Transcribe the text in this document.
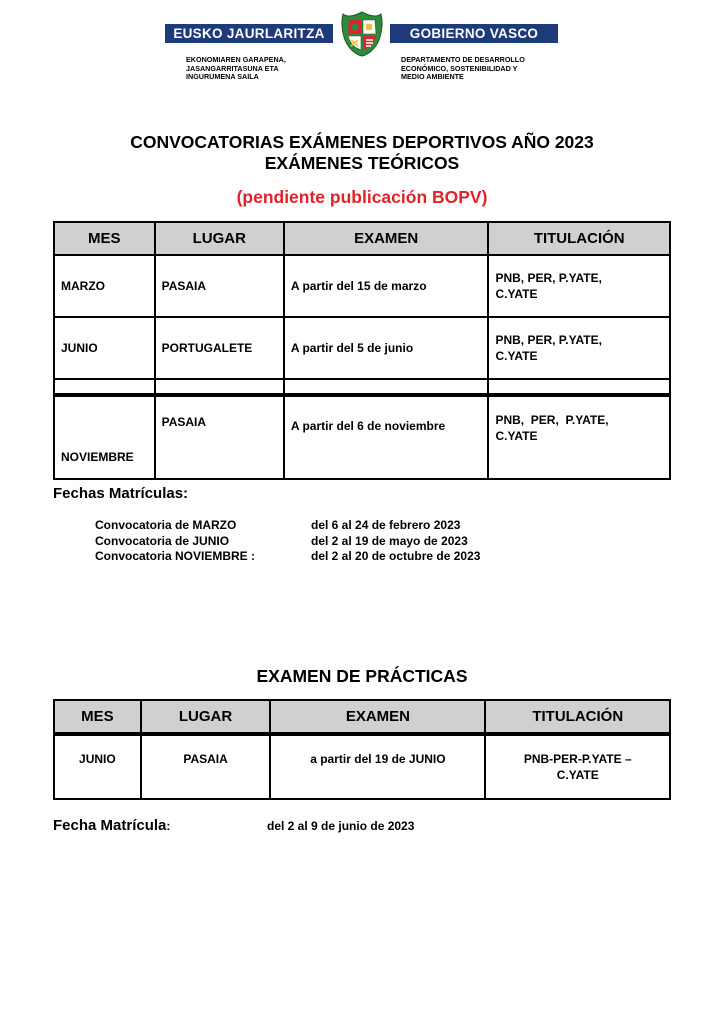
EUSKO JAURLARITZA	GOBIERNO VASCO
EKONOMIAREN GARAPENA,
JASANGARRITASUNA ETA
INGURUMENA SAILA
DEPARTAMENTO DE DESARROLLO
ECONÓMICO, SOSTENIBILIDAD Y
MEDIO AMBIENTE
CONVOCATORIAS EXÁMENES DEPORTIVOS AÑO 2023
EXÁMENES TEÓRICOS
(pendiente publicación BOPV)
MES	LUGAR	EXAMEN	TITULACIÓN
MARZO	PASAIA	A partir del 15 de marzo	PNB, PER, P.YATE,
C.YATE

JUNIO	PORTUGALETE	A partir del 5 de junio	PNB, PER, P.YATE,
C.YATE

NOVIEMBRE	PASAIA	A partir del 6 de noviembre	PNB,  PER,  P.YATE,
C.YATE
Fechas Matrículas:
Convocatoria de MARZO	del 6 al 24 de febrero 2023
Convocatoria de JUNIO	del 2 al 19 de mayo de 2023
Convocatoria NOVIEMBRE :	del 2 al 20 de octubre de 2023
EXAMEN DE PRÁCTICAS
MES	LUGAR	EXAMEN	TITULACIÓN
JUNIO	PASAIA	a partir del 19 de JUNIO	PNB-PER-P.YATE –
C.YATE
Fecha Matrícula:	del 2 al 9 de junio de 2023
